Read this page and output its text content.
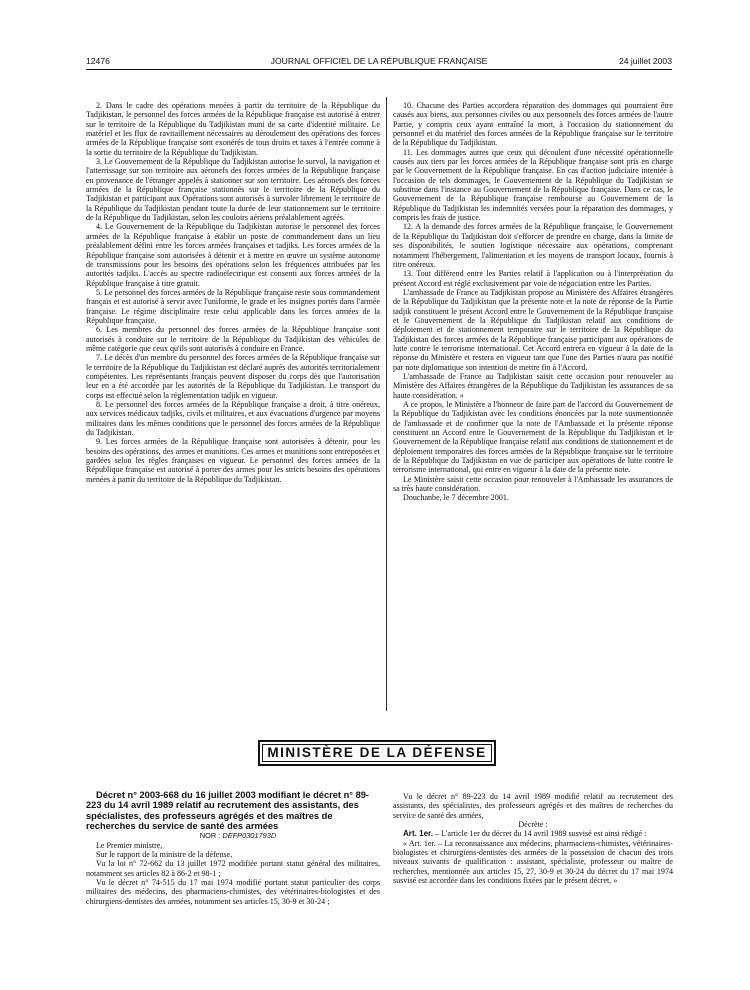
12476	JOURNAL OFFICIEL DE LA RÉPUBLIQUE FRANÇAISE	24 juillet 2003

2. Dans le cadre des opérations menées à partir du territoire de la République du Tadjikistan, le personnel des forces armées de la République française est autorisé à entrer sur le territoire de la République du Tadjikistan muni de sa carte d'identité militaire. Le matériel et les flux de ravitaillement nécessaires au déroulement des opérations des forces armées de la République française sont exonérés de tous droits et taxes à l'entrée comme à la sortie du territoire de la République du Tadjikistan.

3. Le Gouvernement de la République du Tadjikistan autorise le survol, la navigation et l'atterrissage sur son territoire aux aéronefs des forces armées de la République française en provenance de l'étranger appelés à stationner sur son territoire. Les aéronefs des forces armées de la République française stationnés sur le territoire de la République du Tadjikistan et participant aux Opérations sont autorisés à survoler librement le territoire de la République du Tadjikistan pendant toute la durée de leur stationnement sur le territoire de la République du Tadjikistan, selon les couloirs aériens préalablement agréés.

4. Le Gouvernement de la République du Tadjikistan autorise le personnel des forces armées de la République française à établir un poste de commandement dans un lieu préalablement défini entre les forces armées françaises et tadjiks. Les forces armées de la République française sont autorisées à détenir et à mettre en œuvre un système autonome de transmissions pour les besoins des opérations selon les fréquences attribuées par les autorités tadjiks. L'accès au spectre radioélectrique est consenti aux forces armées de la République française à titre gratuit.

5. Le personnel des forces armées de la République française reste sous commandement français et est autorisé à servir avec l'uniforme, le grade et les insignes portés dans l'armée française. Le régime disciplinaire reste celui applicable dans les forces armées de la République française.

6. Les membres du personnel des forces armées de la République française sont autorisés à conduire sur le territoire de la République du Tadjikistan des véhicules de même catégorie que ceux qu'ils sont autorisés à conduire en France.

7. Le décès d'un membre du personnel des forces armées de la République française sur le territoire de la République du Tadjikistan est déclaré auprès des autorités territorialement compétentes. Les représentants français peuvent disposer du corps dès que l'autorisation leur en a été accordée par les autorités de la République du Tadjikistan. Le transport du corps est effectué selon la réglementation tadjik en vigueur.

8. Le personnel des forces armées de la République française a droit, à titre onéreux, aux services médicaux tadjiks, civils et militaires, et aux évacuations d'urgence par moyens militaires dans les mêmes conditions que le personnel des forces armées de la République du Tadjikistan.

9. Les forces armées de la République française sont autorisées à détenir, pour les besoins des opérations, des armes et munitions. Ces armes et munitions sont entreposées et gardées selon les règles françaises en vigueur. Le personnel des forces armées de la République française est autorisé à porter des armes pour les stricts besoins des opérations menées à partir du territoire de la République du Tadjikistan.

10. Chacune des Parties accordera réparation des dommages qui pourraient être causés aux biens, aux personnes civiles ou aux personnels des forces armées de l'autre Partie, y compris ceux ayant entraîné la mort, à l'occasion du stationnement du personnel et du matériel des forces armées de la République française sur le territoire de la République du Tadjikistan.

11. Les dommages autres que ceux qui découlent d'une nécessité opérationnelle causés aux tiers par les forces armées de la République française sont pris en charge par le Gouvernement de la République française. En cas d'action judiciaire intentée à l'occasion de tels dommages, le Gouvernement de la République du Tadjikistan se substitue dans l'instance au Gouvernement de la République française. Dans ce cas, le Gouvernement de la République française rembourse au Gouvernement de la République du Tadjikistan les indemnités versées pour la réparation des dommages, y compris les frais de justice.

12. A la demande des forces armées de la République française, le Gouvernement de la République du Tadjikistan doit s'efforcer de prendre en charge, dans la limite de ses disponibilités, le soutien logistique nécessaire aux opérations, comprenant notamment l'hébergement, l'alimentation et les moyens de transport locaux, fournis à titre onéreux.

13. Tout différend entre les Parties relatif à l'application ou à l'interprétation du présent Accord est réglé exclusivement par voie de négociation entre les Parties.

L'ambassade de France au Tadjikistan propose au Ministère des Affaires étrangères de la République du Tadjikistan que la présente note et la note de réponse de la Partie tadjik constituent le présent Accord entre le Gouvernement de la République française et le Gouvernement de la République du Tadjikistan relatif aux conditions de déploiement et de stationnement temporaire sur le territoire de la République du Tadjikistan des forces armées de la République française participant aux opérations de lutte contre le terrorisme international. Cet Accord entrera en vigueur à la date de la réponse du Ministère et restera en vigueur tant que l'une des Parties n'aura pas notifié par note diplomatique son intention de mettre fin à l'Accord.

L'ambassade de France au Tadjikistan saisit cette occasion pour renouveler au Ministère des Affaires étrangères de la République du Tadjikistan les assurances de sa haute considération. »

A ce propos, le Ministère a l'honneur de faire part de l'accord du Gouvernement de la République du Tadjikistan avec les conditions énoncées par la note susmentionnée de l'ambassade et de confirmer que la note de l'Ambassade et la présente réponse constituent un Accord entre le Gouvernement de la République du Tadjikistan et le Gouvernement de la République française relatif aux conditions de stationnement et de déploiement temporaires des forces armées de la République française sur le territoire de la République du Tadjikistan en vue de participer aux opérations de lutte contre le terrorisme international, qui entre en vigueur à la date de la présente note.

Le Ministère saisit cette occasion pour renouveler à l'Ambassade les assurances de sa très haute considération.

Douchanbe, le 7 décembre 2001.

MINISTÈRE DE LA DÉFENSE

Décret n° 2003-668 du 16 juillet 2003 modifiant le décret n° 89-223 du 14 avril 1989 relatif au recrutement des assistants, des spécialistes, des professeurs agrégés et des maîtres de recherches du service de santé des armées

NOR : DEFP0301793D

Le Premier ministre,

Sur le rapport de la ministre de la défense,

Vu la loi n° 72-662 du 13 juillet 1972 modifiée portant statut général des militaires, notamment ses articles 82 à 86-2 et 98-1 ;

Vu le décret n° 74-515 du 17 mai 1974 modifié portant statut particulier des corps militaires des médecins, des pharmaciens-chimistes, des vétérinaires-biologistes et des chirurgiens-dentistes des armées, notamment ses articles 15, 30-9 et 30-24 ;

Vu le décret n° 89-223 du 14 avril 1989 modifié relatif au recrutement des assistants, des spécialistes, des professeurs agrégés et des maîtres de recherches du service de santé des armées,

Décrète :

Art. 1er. – L'article 1er du décret du 14 avril 1989 susvisé est ainsi rédigé :

« Art. 1er. – La reconnaissance aux médecins, pharmaciens-chimistes, vétérinaires-biologistes et chirurgiens-dentistes des armées de la possession de chacun des trois niveaux suivants de qualification : assistant, spécialiste, professeur ou maître de recherches, mentionnée aux articles 15, 27, 30-9 et 30-24 du décret du 17 mai 1974 susvisé est accordée dans les conditions fixées par le présent décret. »
